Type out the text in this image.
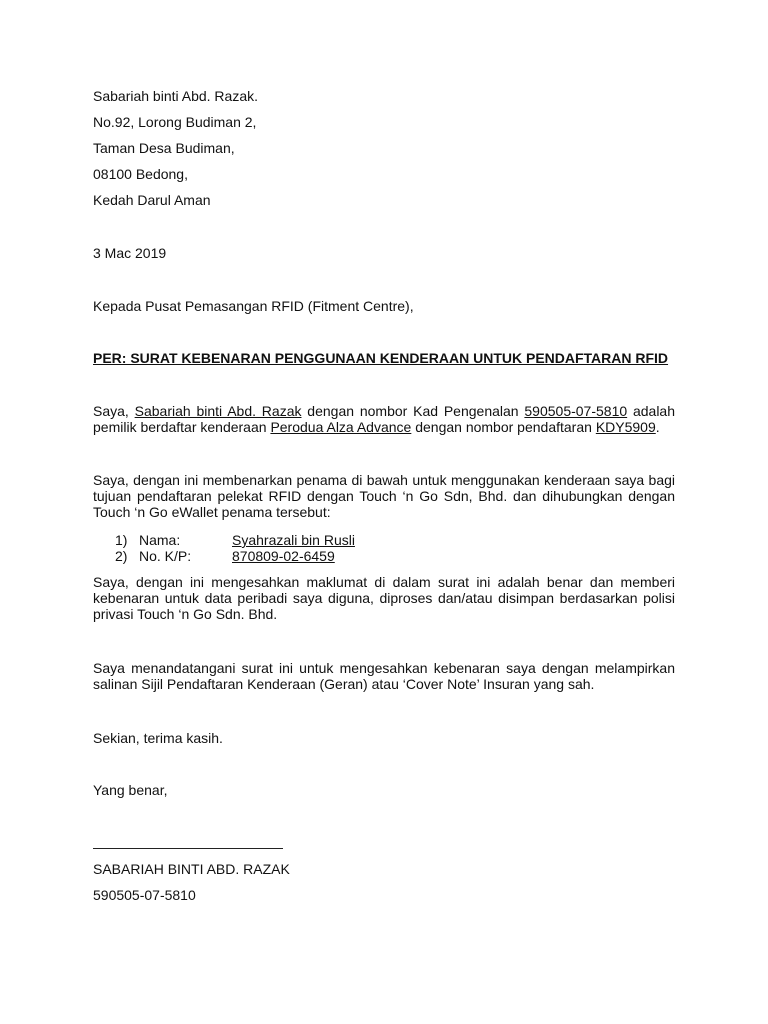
Sabariah binti Abd. Razak.
No.92, Lorong Budiman 2,
Taman Desa Budiman,
08100 Bedong,
Kedah Darul Aman
3 Mac 2019
Kepada Pusat Pemasangan RFID (Fitment Centre),
PER: SURAT KEBENARAN PENGGUNAAN KENDERAAN UNTUK PENDAFTARAN RFID
Saya, Sabariah binti Abd. Razak dengan nombor Kad Pengenalan 590505-07-5810 adalah pemilik berdaftar kenderaan Perodua Alza Advance dengan nombor pendaftaran KDY5909.
Saya, dengan ini membenarkan penama di bawah untuk menggunakan kenderaan saya bagi tujuan pendaftaran pelekat RFID dengan Touch ‘n Go Sdn, Bhd. dan dihubungkan dengan Touch ‘n Go eWallet penama tersebut:
1) Nama:	Syahrazali bin Rusli
2) No. K/P:	870809-02-6459
Saya, dengan ini mengesahkan maklumat di dalam surat ini adalah benar dan memberi kebenaran untuk data peribadi saya diguna, diproses dan/atau disimpan berdasarkan polisi privasi Touch ‘n Go Sdn. Bhd.
Saya menandatangani surat ini untuk mengesahkan kebenaran saya dengan melampirkan salinan Sijil Pendaftaran Kenderaan (Geran) atau ‘Cover Note’ Insuran yang sah.
Sekian, terima kasih.
Yang benar,
SABARIAH BINTI ABD. RAZAK
590505-07-5810
